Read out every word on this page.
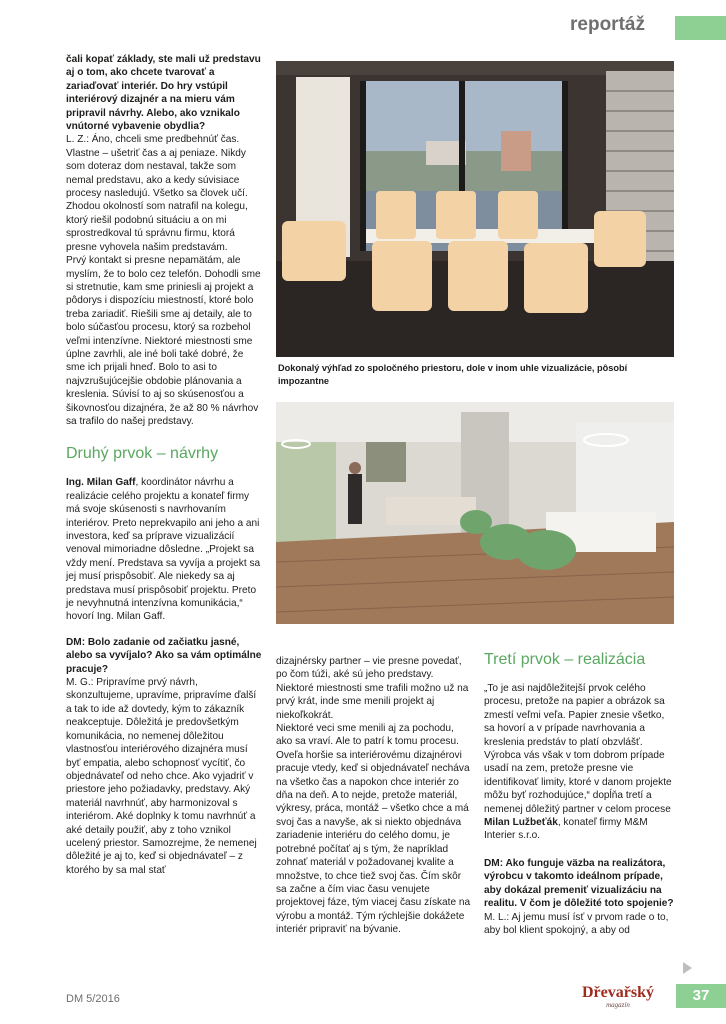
reportáž

čali kopať základy, ste mali už predstavu aj o tom, ako chcete tvarovať a zariaďovať interiér. Do hry vstúpil interiérový dizajnér a na mieru vám pripravil návrhy. Alebo, ako vznikalo vnútorné vybavenie obydlia?

L. Z.: Áno, chceli sme predbehnúť čas. Vlastne – ušetriť čas a aj peniaze. Nikdy som doteraz dom nestaval, takže som nemal predstavu, ako a kedy súvisiace procesy nasledujú. Všetko sa človek učí. Zhodou okolností som natrafil na kolegu, ktorý riešil podobnú situáciu a on mi sprostredkoval tú správnu firmu, ktorá presne vyhovela našim predstavám.

Prvý kontakt si presne nepamätám, ale myslím, že to bolo cez telefón. Dohodli sme si stretnutie, kam sme priniesli aj projekt a pôdorys i dispozíciu miestností, ktoré bolo treba zariadiť. Riešili sme aj detaily, ale to bolo súčasťou procesu, ktorý sa rozbehol veľmi intenzívne. Niektoré miestnosti sme úplne zavrhli, ale iné boli také dobré, že sme ich prijali hneď. Bolo to asi to najvzrušujúcejšie obdobie plánovania a kreslenia. Súvisí to aj so skúsenosťou a šikovnosťou dizajnéra, že až 80 % návrhov sa trafilo do našej predstavy.

Druhý prvok – návrhy

Ing. Milan Gaff, koordinátor návrhu a realizácie celého projektu a konateľ firmy má svoje skúsenosti s navrhovaním interiérov. Preto neprekvapilo ani jeho a ani investora, keď sa príprave vizualizácií venoval mimoriadne dôsledne. „Projekt sa vždy mení. Predstava sa vyvíja a projekt sa jej musí prispôsobiť. Ale niekedy sa aj predstava musí prispôsobiť projektu. Preto je nevyhnutná intenzívna komunikácia,“ hovorí Ing. Milan Gaff.

DM: Bolo zadanie od začiatku jasné, alebo sa vyvíjalo? Ako sa vám optimálne pracuje?

M. G.: Pripravíme prvý návrh, skonzultujeme, upravíme, pripravíme ďalší a tak to ide až dovtedy, kým to zákazník neakceptuje. Dôležitá je predovšetkým komunikácia, no nemenej dôležitou vlastnosťou interiérového dizajnéra musí byť empatia, alebo schopnosť vycítiť, čo objednávateľ od neho chce. Ako vyjadriť v priestore jeho požiadavky, predstavy. Aký materiál navrhnúť, aby harmonizoval s interiérom. Aké doplnky k tomu navrhnúť a aké detaily použiť, aby z toho vznikol ucelený priestor. Samozrejme, že nemenej dôležité je aj to, keď si objednávateľ – z ktorého by sa mal stať

Dokonalý výhľad zo spoločného priestoru, dole v inom uhle vizualizácie, pôsobí impozantne

dizajnérsky partner – vie presne povedať, po čom túži, aké sú jeho predstavy. Niektoré miestnosti sme trafili možno už na prvý krát, inde sme menili projekt aj niekoľkokrát.

Niektoré veci sme menili aj za pochodu, ako sa vraví. Ale to patrí k tomu procesu. Oveľa horšie sa interiérovému dizajnérovi pracuje vtedy, keď si objednávateľ necháva na všetko čas a napokon chce interiér zo dňa na deň. A to nejde, pretože materiál, výkresy, práca, montáž – všetko chce a má svoj čas a navyše, ak si niekto objednáva zariadenie interiéru do celého domu, je potrebné počítať aj s tým, že napríklad zohnať materiál v požadovanej kvalite a množstve, to chce tiež svoj čas. Čím skôr sa začne a čím viac času venujete projektovej fáze, tým viacej času získate na výrobu a montáž. Tým rýchlejšie dokážete interiér pripraviť na bývanie.

Tretí prvok – realizácia

„To je asi najdôležitejší prvok celého procesu, pretože na papier a obrázok sa zmestí veľmi veľa. Papier znesie všetko, sa hovorí a v prípade navrhovania a kreslenia predstáv to platí obzvlášť. Výrobca vás však v tom dobrom prípade usadí na zem, pretože presne vie identifikovať limity, ktoré v danom projekte môžu byť rozhodujúce,“ dopĺňa tretí a nemenej dôležitý partner v celom procese Milan Lužbeťák, konateľ firmy M&M Interier s.r.o.

DM: Ako funguje väzba na realizátora, výrobcu v takomto ideálnom prípade, aby dokázal premeniť vizualizáciu na realitu. V čom je dôležité toto spojenie?

M. L.: Aj jemu musí ísť v prvom rade o to, aby bol klient spokojný, a aby od

DM 5/2016	Dřevařský
magazín
37
